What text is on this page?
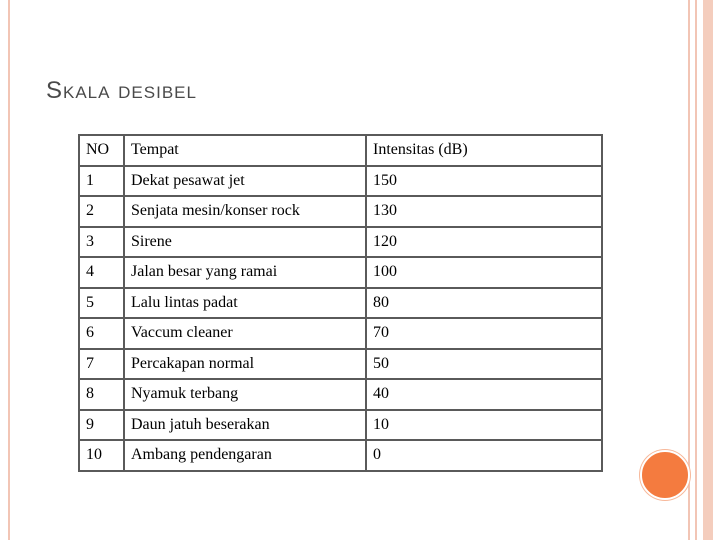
Skala desibel
NO	Tempat	Intensitas (dB)
1	Dekat pesawat jet	150
2	Senjata mesin/konser rock	130
3	Sirene	120
4	Jalan besar yang ramai	100
5	Lalu lintas padat	80
6	Vaccum cleaner	70
7	Percakapan normal	50
8	Nyamuk terbang	40
9	Daun jatuh beserakan	10
10	Ambang pendengaran	0
